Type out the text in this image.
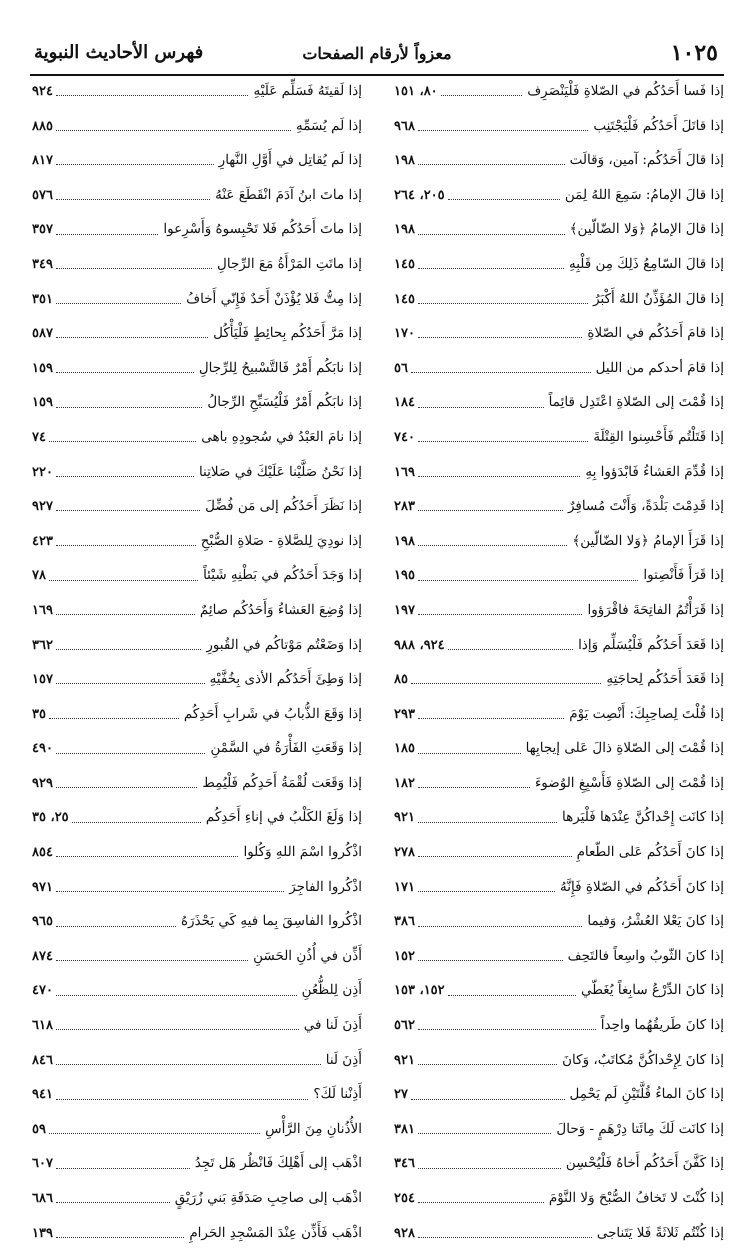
١٠٢٥
معزواً لأرقام الصفحات
فهرس الأحاديث النبوية
إذا فَسا أَحَدُكُم في الصّلاةِ فَلْيَنْصَرِف
٨٠، ١٥١
إذا قاتَلَ أَحَدُكُم فَلْيَجْتَنِب
٩٦٨
إذا قالَ أَحَدُكُم: آمين، وَقالَت
١٩٨
إذا قالَ الإمامُ: سَمِعَ اللهُ لِمَن
٢٠٥، ٢٦٤
إذا قالَ الإمامُ ﴿وَلا الضّالّين﴾
١٩٨
إذا قالَ السّامِعُ ذَلِكَ مِن قَلْبِهِ
١٤٥
إذا قالَ المُؤَذِّنُ اللهُ أَكْبَرُ
١٤٥
إذا قامَ أَحَدُكُم في الصّلاةِ
١٧٠
إذا قامَ أحدكم من الليل
٥٦
إذا قُمْتَ إلى الصّلاةِ اعْتَدِل قائِماً
١٨٤
إذا قَتَلْتُم فَأَحْسِنوا القِتْلَةَ
٧٤٠
إذا قُدِّمَ العَشاءُ فَابْدَؤوا بِهِ
١٦٩
إذا قَدِمْتَ بَلْدَةً، وَأَنْتَ مُسافِرٌ
٢٨٣
إذا قَرَأَ الإمامُ ﴿وَلا الضّالّين﴾
١٩٨
إذا قَرَأَ فَأَنْصِتوا
١٩٥
إذا قَرَأْتُمُ الفاتِحَةَ فاقْرَؤوا
١٩٧
إذا قَعَدَ أَحَدُكُم فَلْيُسَلِّم وَإذا
٩٢٤، ٩٨٨
إذا قَعَدَ أَحَدُكُم لِحاجَتِهِ
٨٥
إذا قُلْتَ لِصاحِبِكَ: أَنْصِت يَوْمَ
٢٩٣
إذا قُمْتَ إلى الصّلاةِ ذالَ عَلى إيجابِها
١٨٥
إذا قُمْتَ إلى الصّلاةِ فَأَسْبِغِ الوُضوءَ
١٨٢
إذا كانَت إِحْداكُنَّ عِنْدَها فَلْيَرها
٩٢١
إذا كانَ أَحَدُكُم عَلى الطّعامِ
٢٧٨
إذا كانَ أَحَدُكُم في الصّلاةِ فَإِنَّهُ
١٧١
إذا كانَ يَعْلا العُشْرُ، وَفيما
٣٨٦
إذا كانَ الثّوبُ واسِعاً فالتَحِف
١٥٢
إذا كانَ الدِّرْعُ سابِغاً يُغَطّي
١٥٢، ١٥٣
إذا كانَ طَريقُهُما واحِداً
٥٦٢
إذا كانَ لِإِحْداكُنَّ مُكاتَبٌ، وَكانَ
٩٢١
إذا كانَ الماءُ قُلَّتَيْنِ لَم يَحْمِل
٢٧
إذا كانَت لَكَ مِائَتا دِرْهَمٍ - وَحالَ
٣٨١
إذا كَفَّنَ أَحَدُكُم أَخاهُ فَلْيُحْسِن
٣٤٦
إذا كُنْتَ لا تَخافُ الصُّبْحَ وَلا النَّوْمَ
٢٥٤
إذا كُنْتُم ثَلاثَةً فَلا يَتَناجى
٩٢٨
إذا لَقيتَهُ فَسَلِّم عَلَيْهِ
٩٢٤
إذا لَم يُسَمِّهِ
٨٨٥
إذا لَم يُقاتِل في أَوَّلِ النَّهارِ
٨١٧
إذا ماتَ ابنُ آدَمَ انْقَطَعَ عَنْهُ
٥٧٦
إذا ماتَ أَحَدُكُم فَلا تَحْبِسوهُ وَأَسْرِعوا
٣٥٧
إذا ماتَتِ المَرْأَةُ مَعَ الرِّجالِ
٣٤٩
إذا مِتُّ فَلا يُؤْذَنْ أَحَدٌ فَإِنّي أَخافُ
٣٥١
إذا مَرَّ أَحَدُكُم بِحائِطٍ فَلْيَأْكُل
٥٨٧
إذا نابَكُم أَمْرٌ فَالتَّسْبيحُ لِلرِّجالِ
١٥٩
إذا نابَكُم أَمْرٌ فَلْيُسَبِّحِ الرِّجالُ
١٥٩
إذا نامَ العَبْدُ في سُجودِهِ باهى
٧٤
إذا نَحْنُ صَلَّيْنا عَلَيْكَ في صَلاتِنا
٢٢٠
إذا نَظَرَ أَحَدُكُم إلى مَن فُضِّلَ
٩٢٧
إذا نودِيَ لِلصَّلاةِ - صَلاةِ الصُّبْحِ
٤٢٣
إذا وَجَدَ أَحَدُكُم في بَطْنِهِ شَيْئاً
٧٨
إذا وُضِعَ العَشاءُ وَأَحَدُكُم صائِمٌ
١٦٩
إذا وَضَعْتُم مَوْتاكُم في القُبورِ
٣٦٢
إذا وَطِئَ أَحَدُكُم الأذى بِخُفَّيْهِ
١٥٧
إذا وَقَعَ الذُّبابُ في شَرابِ أَحَدِكُم
٣٥
إذا وَقَعَتِ الفَأْرَةُ في السَّمْنِ
٤٩٠
إذا وَقَعَت لُقْمَةُ أَحَدِكُم فَلْيُمِط
٩٢٩
إذا وَلَغَ الكَلْبُ في إناءِ أَحَدِكُم
٢٥، ٣٥
اذْكُروا اسْمَ اللهِ وَكُلوا
٨٥٤
اذْكُروا الفاجِرَ
٩٧١
اذْكُروا الفاسِقَ بِما فيهِ كَي يَحْذَرَهُ
٩٦٥
أَذِّن في أُذُنِ الحَسَنِ
٨٧٤
أَذِن لِلظُّعُنِ
٤٧٠
أَذِنَ لَنا في
٦١٨
أَذِنَ لَنا
٨٤٦
أَذِنْنا لَكَ؟
٩٤١
الأُذُنانِ مِنَ الرَّأْسِ
٥٩
اذْهَب إلى أَهْلِكَ فَانْظُر هَل تَجِدُ
٦٠٧
اذْهَب إلى صاحِبِ صَدَقَةِ بَني زُرَيْقٍ
٦٨٦
اذْهَب فَأَذِّن عِنْدَ المَسْجِدِ الحَرامِ
١٣٩
